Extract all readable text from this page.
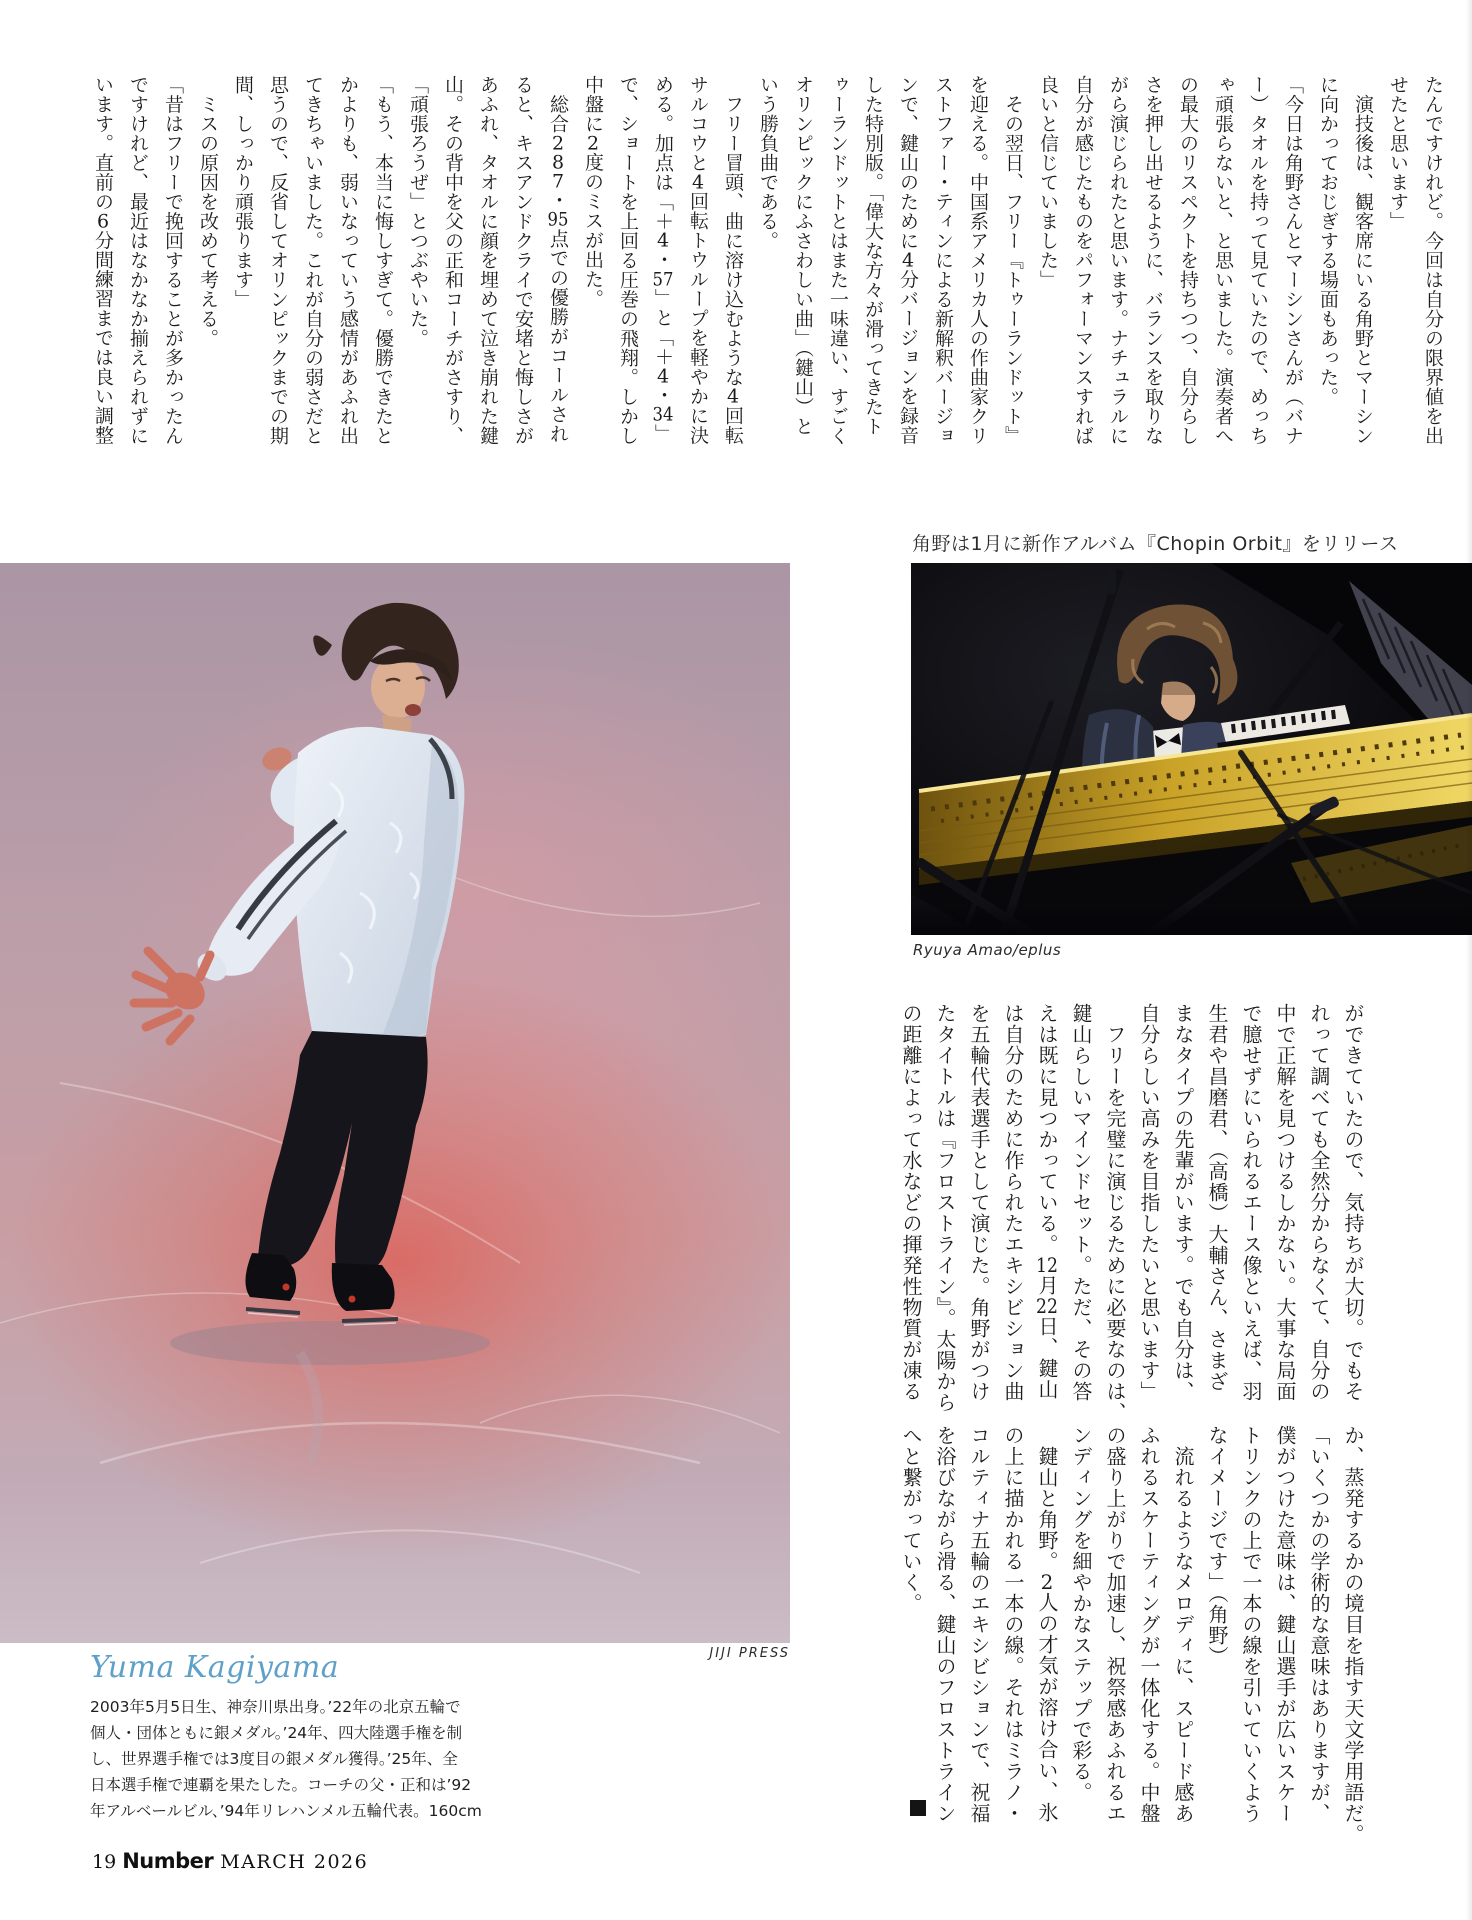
たんですけれど。今回は自分の限界値を出
せたと思います」
　演技後は、観客席にいる角野とマーシン
に向かっておじぎする場面もあった。
「今日は角野さんとマーシンさんが（バナ
ー）タオルを持って見ていたので、めっち
ゃ頑張らないと、と思いました。演奏者へ
の最大のリスペクトを持ちつつ、自分らし
さを押し出せるように、バランスを取りな
がら演じられたと思います。ナチュラルに
自分が感じたものをパフォーマンスすれば
良いと信じていました」
　その翌日、フリー『トゥーランドット』
を迎える。中国系アメリカ人の作曲家クリ
ストファー・ティンによる新解釈バージョ
ンで、鍵山のために4分バージョンを録音
した特別版。「偉大な方々が滑ってきたト
ゥーランドットとはまた一味違い、すごく
オリンピックにふさわしい曲」（鍵山）と
いう勝負曲である。
　フリー冒頭、曲に溶け込むような4回転
サルコウと4回転トウループを軽やかに決
める。加点は「＋4・57」と「＋4・34」
で、ショートを上回る圧巻の飛翔。しかし
中盤に2度のミスが出た。
　総合287・95点での優勝がコールされ
ると、キスアンドクライで安堵と悔しさが
あふれ、タオルに顔を埋めて泣き崩れた鍵
山。その背中を父の正和コーチがさすり、
「頑張ろうぜ」とつぶやいた。
「もう、本当に悔しすぎて。優勝できたと
かよりも、弱いなっていう感情があふれ出
てきちゃいました。これが自分の弱さだと
思うので、反省してオリンピックまでの期
間、しっかり頑張ります」
　ミスの原因を改めて考える。
「昔はフリーで挽回することが多かったん
ですけれど、最近はなかなか揃えられずに
います。直前の6分間練習までは良い調整
JIJI PRESS
角野は1月に新作アルバム『Chopin Orbit』をリリース
Ryuya Amao/eplus
ができていたので、気持ちが大切。でもそ
れって調べても全然分からなくて、自分の
中で正解を見つけるしかない。大事な局面
で臆せずにいられるエース像といえば、羽
生君や昌磨君、（高橋）大輔さん、さまざ
まなタイプの先輩がいます。でも自分は、
自分らしい高みを目指したいと思います」
　フリーを完璧に演じるために必要なのは、
鍵山らしいマインドセット。ただ、その答
えは既に見つかっている。12月22日、鍵山
は自分のために作られたエキシビション曲
を五輪代表選手として演じた。角野がつけ
たタイトルは『フロストライン』。太陽から
の距離によって水などの揮発性物質が凍る
か、蒸発するかの境目を指す天文学用語だ。
「いくつかの学術的な意味はありますが、
僕がつけた意味は、鍵山選手が広いスケー
トリンクの上で一本の線を引いていくよう
なイメージです」（角野）
　流れるようなメロディに、スピード感あ
ふれるスケーティングが一体化する。中盤
の盛り上がりで加速し、祝祭感あふれるエ
ンディングを細やかなステップで彩る。
　鍵山と角野。2人の才気が溶け合い、氷
の上に描かれる一本の線。それはミラノ・
コルティナ五輪のエキシビションで、祝福
を浴びながら滑る、鍵山のフロストライン
へと繋がっていく。
Yuma Kagiyama

2003年5月5日生、神奈川県出身。’22年の北京五輪で

個人・団体ともに銀メダル。’24年、四大陸選手権を制

し、世界選手権では3度目の銀メダル獲得。’25年、全

日本選手権で連覇を果たした。コーチの父・正和は’92

年アルベールビル、’94年リレハンメル五輪代表。160cm

19 Number MARCH 2026
